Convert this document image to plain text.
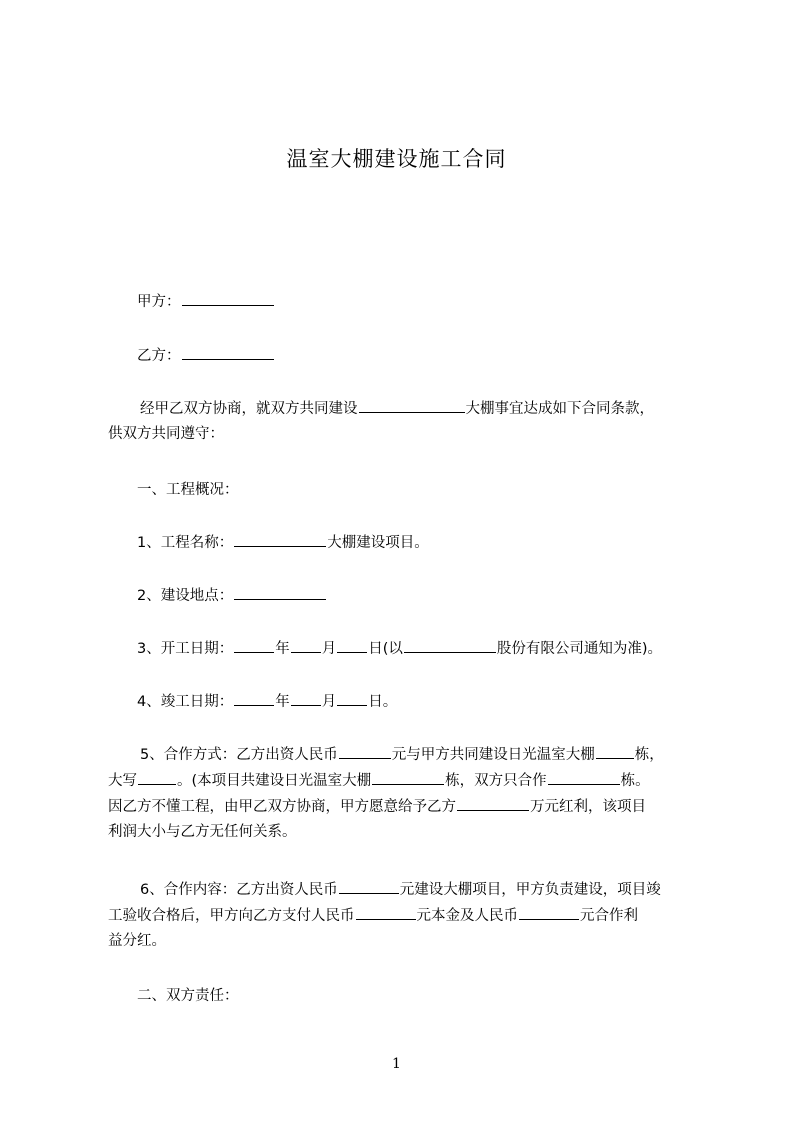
温室大棚建设施工合同
甲方：
乙方：
经甲乙双方协商，就双方共同建设	大棚事宜达成如下合同条款，
供双方共同遵守：
一、工程概况：
1、工程名称：	大棚建设项目。
2、建设地点：
3、开工日期：	年 月 日(以	股份有限公司通知为准)。
4、竣工日期：	年 月 日。
5、合作方式：乙方出资人民币	元与甲方共同建设日光温室大棚	栋，
大写	。(本项目共建设日光温室大棚	栋，双方只合作	栋。
因乙方不懂工程，由甲乙双方协商，甲方愿意给予乙方	万元红利，该项目
利润大小与乙方无任何关系。
6、合作内容：乙方出资人民币	元建设大棚项目，甲方负责建设，项目竣
工验收合格后，甲方向乙方支付人民币	元本金及人民币	元合作利
益分红。
二、双方责任：
1
